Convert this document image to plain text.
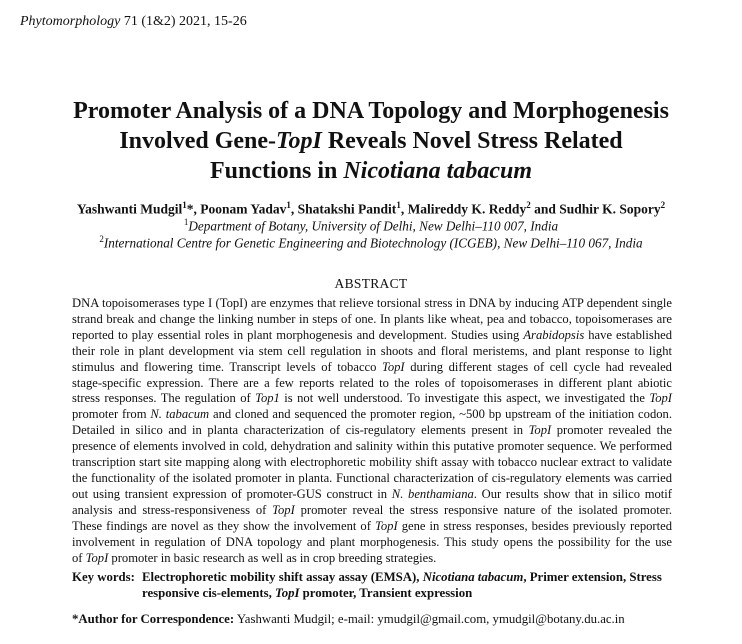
Phytomorphology 71 (1&2) 2021, 15-26
Promoter Analysis of a DNA Topology and Morphogenesis
Involved Gene-TopI Reveals Novel Stress Related
Functions in Nicotiana tabacum
Yashwanti Mudgil$^1$*, Poonam Yadav$^1$, Shatakshi Pandit$^1$, Malireddy K. Reddy$^2$ and Sudhir K. Sopory$^2$
$^1$Department of Botany, University of Delhi, New Delhi–110 007, India
$^2$International Centre for Genetic Engineering and Biotechnology (ICGEB), New Delhi–110 067, India
ABSTRACT
DNA topoisomerases type I (TopI) are enzymes that relieve torsional stress in DNA by inducing ATP dependent single
strand break and change the linking number in steps of one. In plants like wheat, pea and tobacco, topoisomerases are
reported to play essential roles in plant morphogenesis and development. Studies using Arabidopsis have established
their role in plant development via stem cell regulation in shoots and floral meristems, and plant response to light
stimulus and flowering time. Transcript levels of tobacco TopI during different stages of cell cycle had revealed
stage-specific expression. There are a few reports related to the roles of topoisomerases in different plant abiotic
stress responses. The regulation of Top1 is not well understood. To investigate this aspect, we investigated the TopI
promoter from N. tabacum and cloned and sequenced the promoter region, ~500 bp upstream of the initiation codon.
Detailed in silico and in planta characterization of cis-regulatory elements present in TopI promoter revealed the
presence of elements involved in cold, dehydration and salinity within this putative promoter sequence. We performed
transcription start site mapping along with electrophoretic mobility shift assay with tobacco nuclear extract to validate
the functionality of the isolated promoter in planta. Functional characterization of cis-regulatory elements was carried
out using transient expression of promoter-GUS construct in N. benthamiana. Our results show that in silico motif
analysis and stress-responsiveness of TopI promoter reveal the stress responsive nature of the isolated promoter.
These findings are novel as they show the involvement of TopI gene in stress responses, besides previously reported
involvement in regulation of DNA topology and plant morphogenesis. This study opens the possibility for the use
of TopI promoter in basic research as well as in crop breeding strategies.
Key words: Electrophoretic mobility shift assay assay (EMSA), Nicotiana tabacum, Primer extension, Stress responsive cis-elements, TopI promoter, Transient expression
*Author for Correspondence: Yashwanti Mudgil; e-mail: ymudgil@gmail.com, ymudgil@botany.du.ac.in
